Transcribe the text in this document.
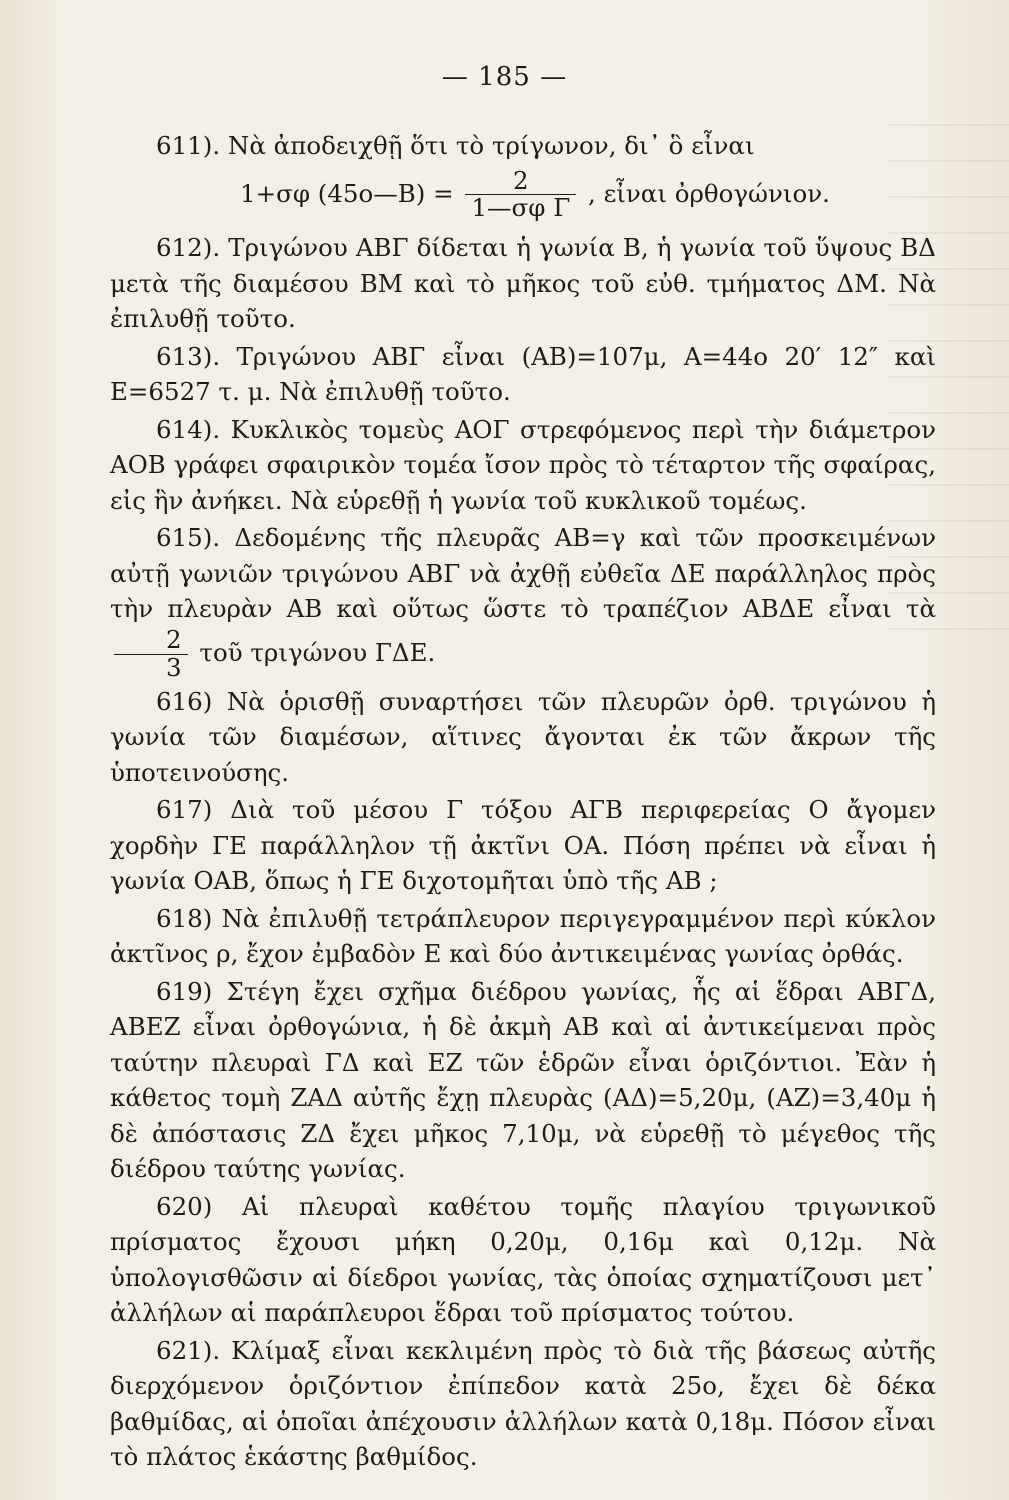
— 185 —

611). Νὰ ἀποδειχθῇ ὅτι τὸ τρίγωνον, δι᾽ ὃ εἶναι

1+σφ (45ο—Β) = $\frac{2}{\text{1—σφ Γ}}$ , εἶναι ὀρθογώνιον.

612). Τριγώνου ΑΒΓ δίδεται ἡ γωνία Β, ἡ γωνία τοῦ ὕψους ΒΔ μετὰ τῆς διαμέσου ΒΜ καὶ τὸ μῆκος τοῦ εὐθ. τμήματος ΔΜ. Νὰ ἐπιλυθῇ τοῦτο.

613). Τριγώνου ΑΒΓ εἶναι (ΑΒ)=107μ, Α=44ο 20′ 12″ καὶ Ε=6527 τ. μ. Νὰ ἐπιλυθῇ τοῦτο.

614). Κυκλικὸς τομεὺς ΑΟΓ στρεφόμενος περὶ τὴν διάμετρον ΑΟΒ γράφει σφαιρικὸν τομέα ἴσον πρὸς τὸ τέταρτον τῆς σφαίρας, εἰς ἣν ἀνήκει. Νὰ εὑρεθῇ ἡ γωνία τοῦ κυκλικοῦ τομέως.

615). Δεδομένης τῆς πλευρᾶς ΑΒ=γ καὶ τῶν προσκειμένων αὐτῇ γωνιῶν τριγώνου ΑΒΓ νὰ ἀχθῇ εὐθεῖα ΔΕ παράλληλος πρὸς τὴν πλευρὰν ΑΒ καὶ οὕτως ὥστε τὸ τραπέζιον ΑΒΔΕ εἶναι τὰ
$\frac{2}{3}$ τοῦ τριγώνου ΓΔΕ.

616) Νὰ ὁρισθῇ συναρτήσει τῶν πλευρῶν ὀρθ. τριγώνου ἡ γωνία τῶν διαμέσων, αἵτινες ἄγονται ἐκ τῶν ἄκρων τῆς ὑποτεινούσης.

617) Διὰ τοῦ μέσου Γ τόξου ΑΓΒ περιφερείας Ο ἄγομεν χορδὴν ΓΕ παράλληλον τῇ ἀκτῖνι ΟΑ. Πόση πρέπει νὰ εἶναι ἡ γωνία ΟΑΒ, ὅπως ἡ ΓΕ διχοτομῆται ὑπὸ τῆς ΑΒ ;

618) Νὰ ἐπιλυθῇ τετράπλευρον περιγεγραμμένον περὶ κύκλον ἀκτῖνος ρ, ἔχον ἐμβαδὸν Ε καὶ δύο ἀντικειμένας γωνίας ὀρθάς.

619) Στέγη ἔχει σχῆμα διέδρου γωνίας, ἧς αἱ ἕδραι ΑΒΓΔ, ΑΒΕΖ εἶναι ὀρθογώνια, ἡ δὲ ἀκμὴ ΑΒ καὶ αἱ ἀντικείμεναι πρὸς ταύτην πλευραὶ ΓΔ καὶ ΕΖ τῶν ἑδρῶν εἶναι ὁριζόντιοι. Ἐὰν ἡ κάθετος τομὴ ΖΑΔ αὐτῆς ἔχῃ πλευρὰς (ΑΔ)=5,20μ, (ΑΖ)=3,40μ ἡ δὲ ἀπόστασις ΖΔ ἔχει μῆκος 7,10μ, νὰ εὑρεθῇ τὸ μέγεθος τῆς διέδρου ταύτης γωνίας.

620) Αἱ πλευραὶ καθέτου τομῆς πλαγίου τριγωνικοῦ πρίσματος ἔχουσι μήκη 0,20μ, 0,16μ καὶ 0,12μ. Νὰ ὑπολογισθῶσιν αἱ δίεδροι γωνίας, τὰς ὁποίας σχηματίζουσι μετ᾽ ἀλλήλων αἱ παράπλευροι ἕδραι τοῦ πρίσματος τούτου.

621). Κλίμαξ εἶναι κεκλιμένη πρὸς τὸ διὰ τῆς βάσεως αὐτῆς διερχόμενον ὁριζόντιον ἐπίπεδον κατὰ 25ο, ἔχει δὲ δέκα βαθμίδας, αἱ ὁποῖαι ἀπέχουσιν ἀλλήλων κατὰ 0,18μ. Πόσον εἶναι τὸ πλάτος ἑκάστης βαθμίδος.
